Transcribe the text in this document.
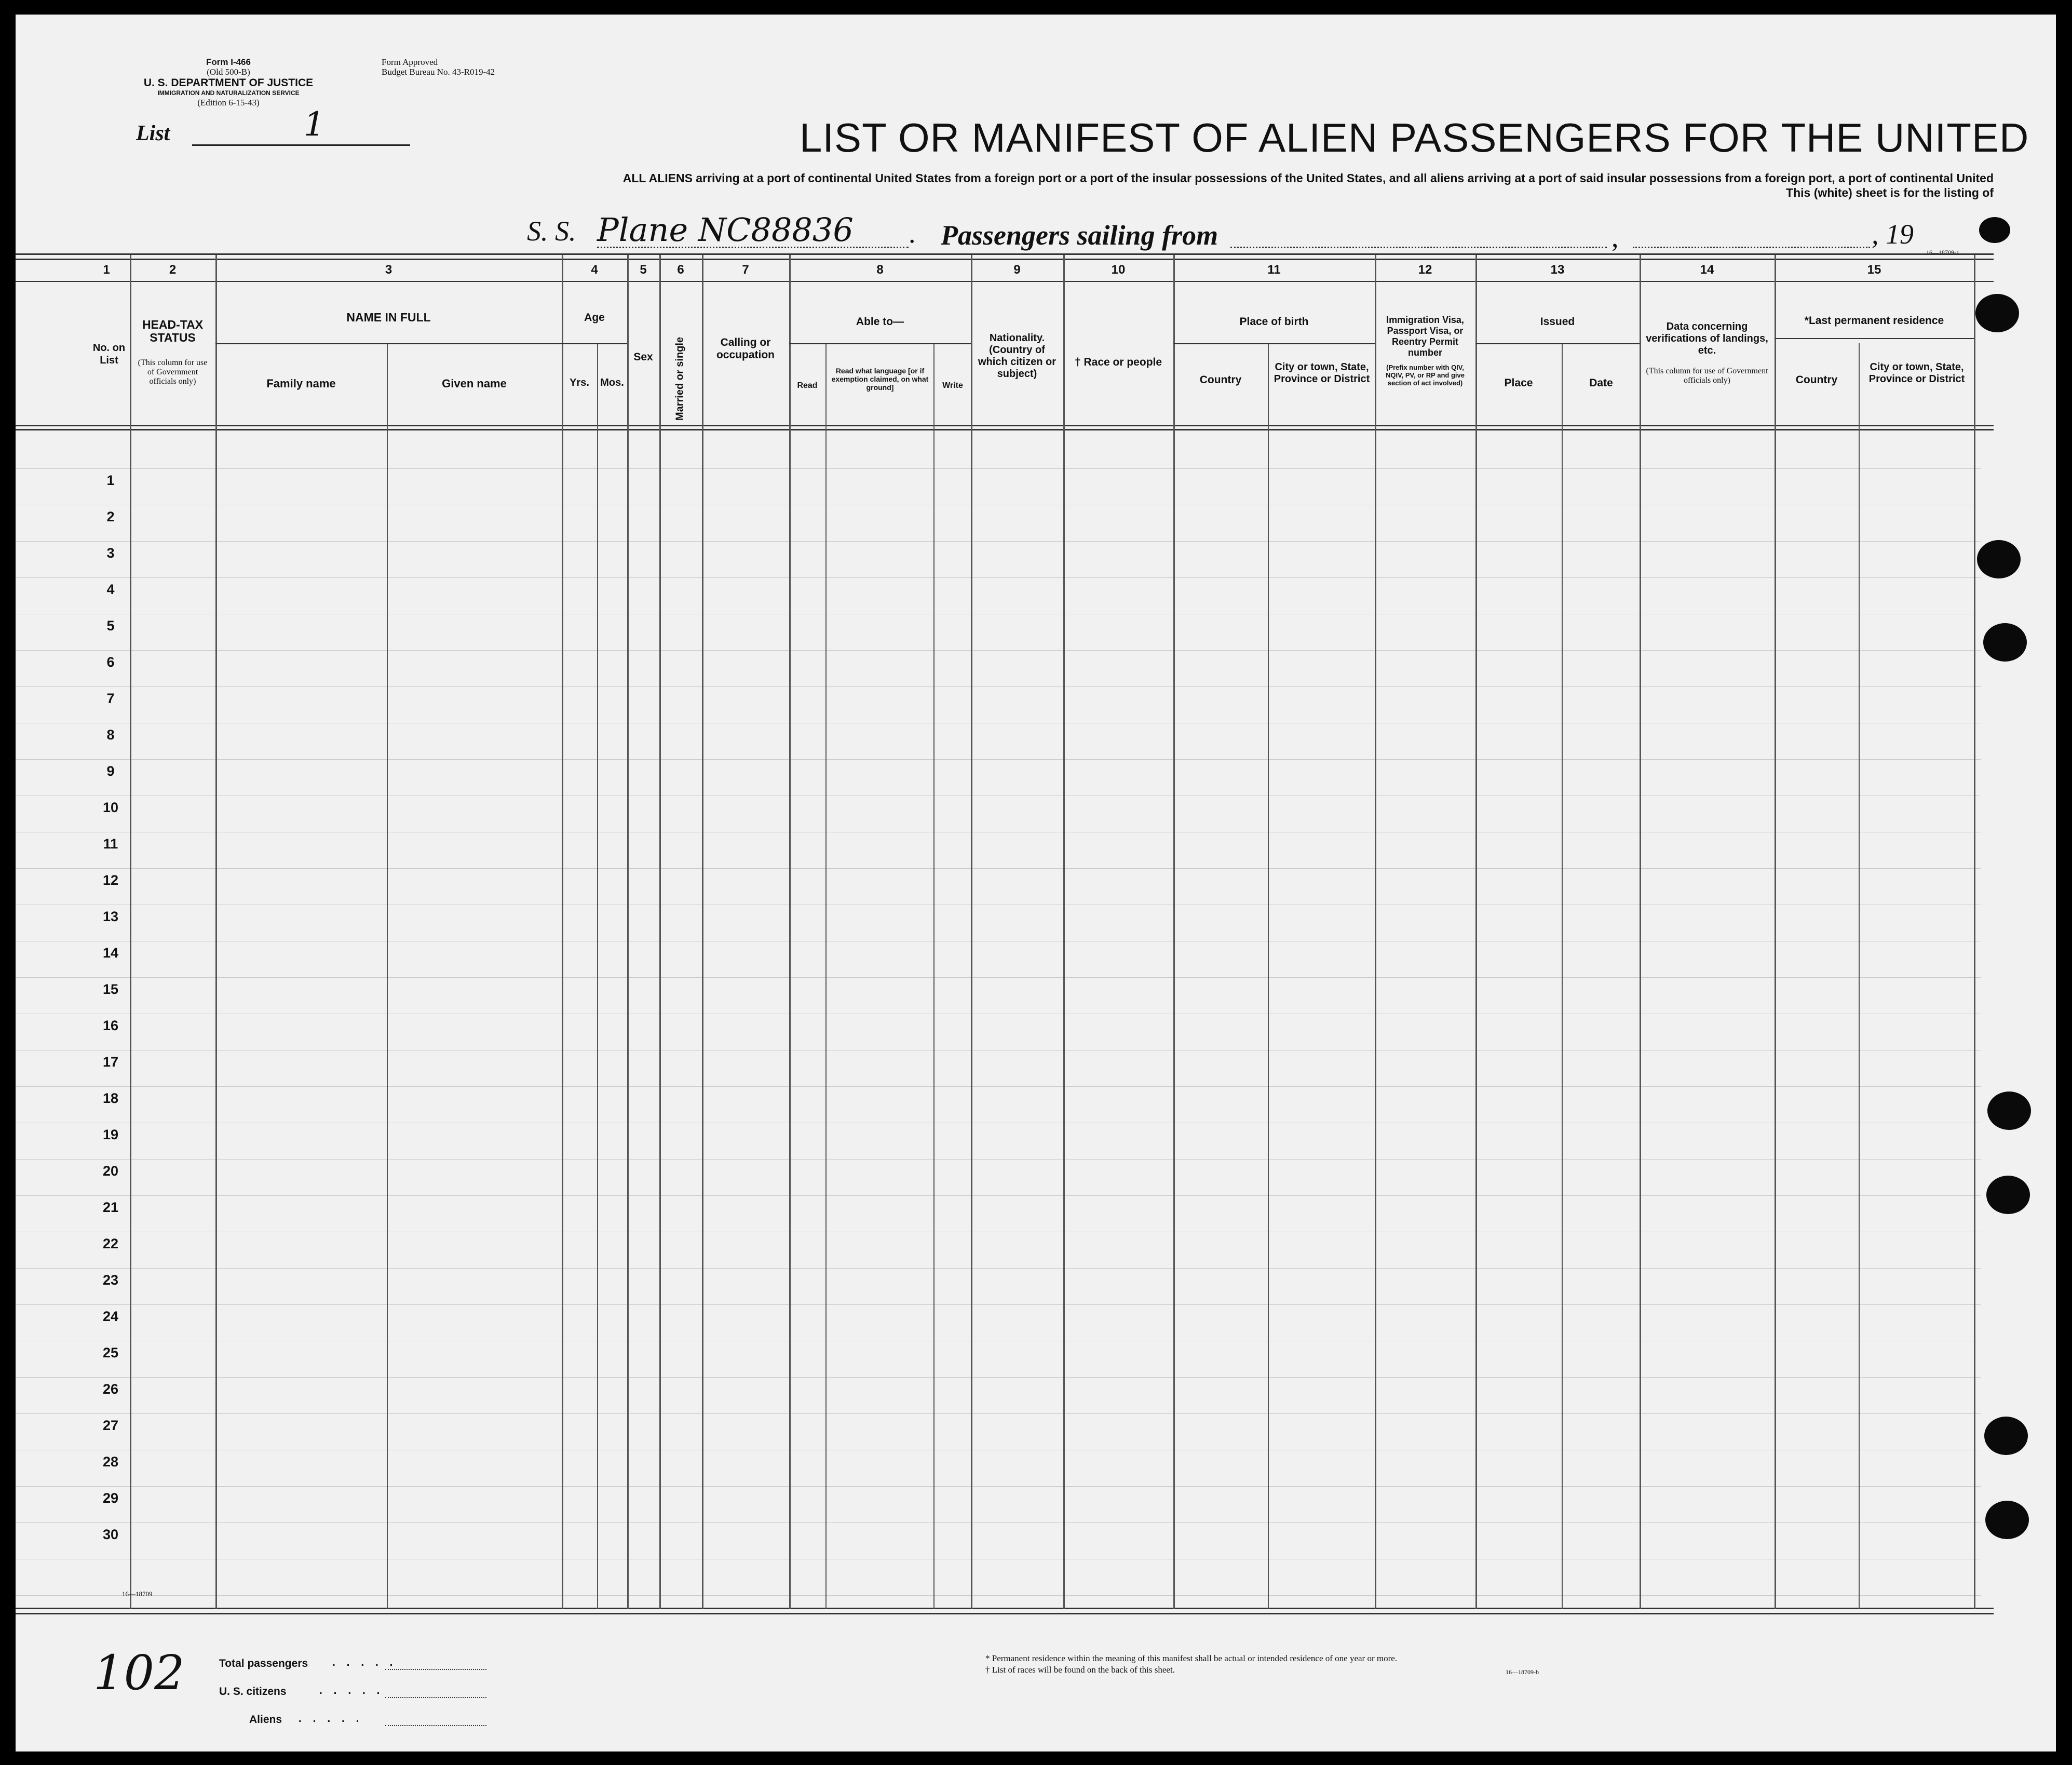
Form I-466
(Old 500-B)
U. S. DEPARTMENT OF JUSTICE
IMMIGRATION AND NATURALIZATION SERVICE
(Edition 6-15-43)
Form Approved
Budget Bureau No. 43-R019-42
List	1	LIST OR MANIFEST OF ALIEN PASSENGERS FOR THE UNITED
ALL ALIENS arriving at a port of continental United States from a foreign port or a port of the insular possessions of the United States, and all aliens arriving at a port of said insular possessions from a foreign port, a port of continental United
This (white) sheet is for the listing of
S. S. Plane NC88836 . Passengers sailing from	,	, 19
1	2	3	4	5	6	7	8	9	10	11	12	13	14	15
No. on List
HEAD-TAX STATUS
(This column for use of Government officials only)
NAME IN FULL
Family name	Given name
Age
Yrs.	Mos.
Sex	Married or single	Calling or occupation
Able to—
Read
Read what language [or if exemption claimed, on what ground]	Write
Nationality. (Country of which citizen or subject)
† Race or people
Place of birth
Country
City or town, State, Province or District
Immigration Visa, Passport Visa, or Reentry Permit number
(Prefix number with QIV, NQIV, PV, or RP and give section of act involved)
Issued
Place	Date
Data concerning verifications of landings, etc.
(This column for use of Government officials only)
*Last permanent residence
Country
City or town, State, Province or District
1
2
3
4
5
6
7
8
9
10
11
12
13
14
15
16
17
18
19
20
21
22
23
24
25
26
27
28
29
30
16—18709
16—18709-1
102	Total passengers . . . . .
U. S. citizens	. . . . .
Aliens . . . . .
* Permanent residence within the meaning of this manifest shall be actual or intended residence of one year or more.
† List of races will be found on the back of this sheet.	16—18709-b
